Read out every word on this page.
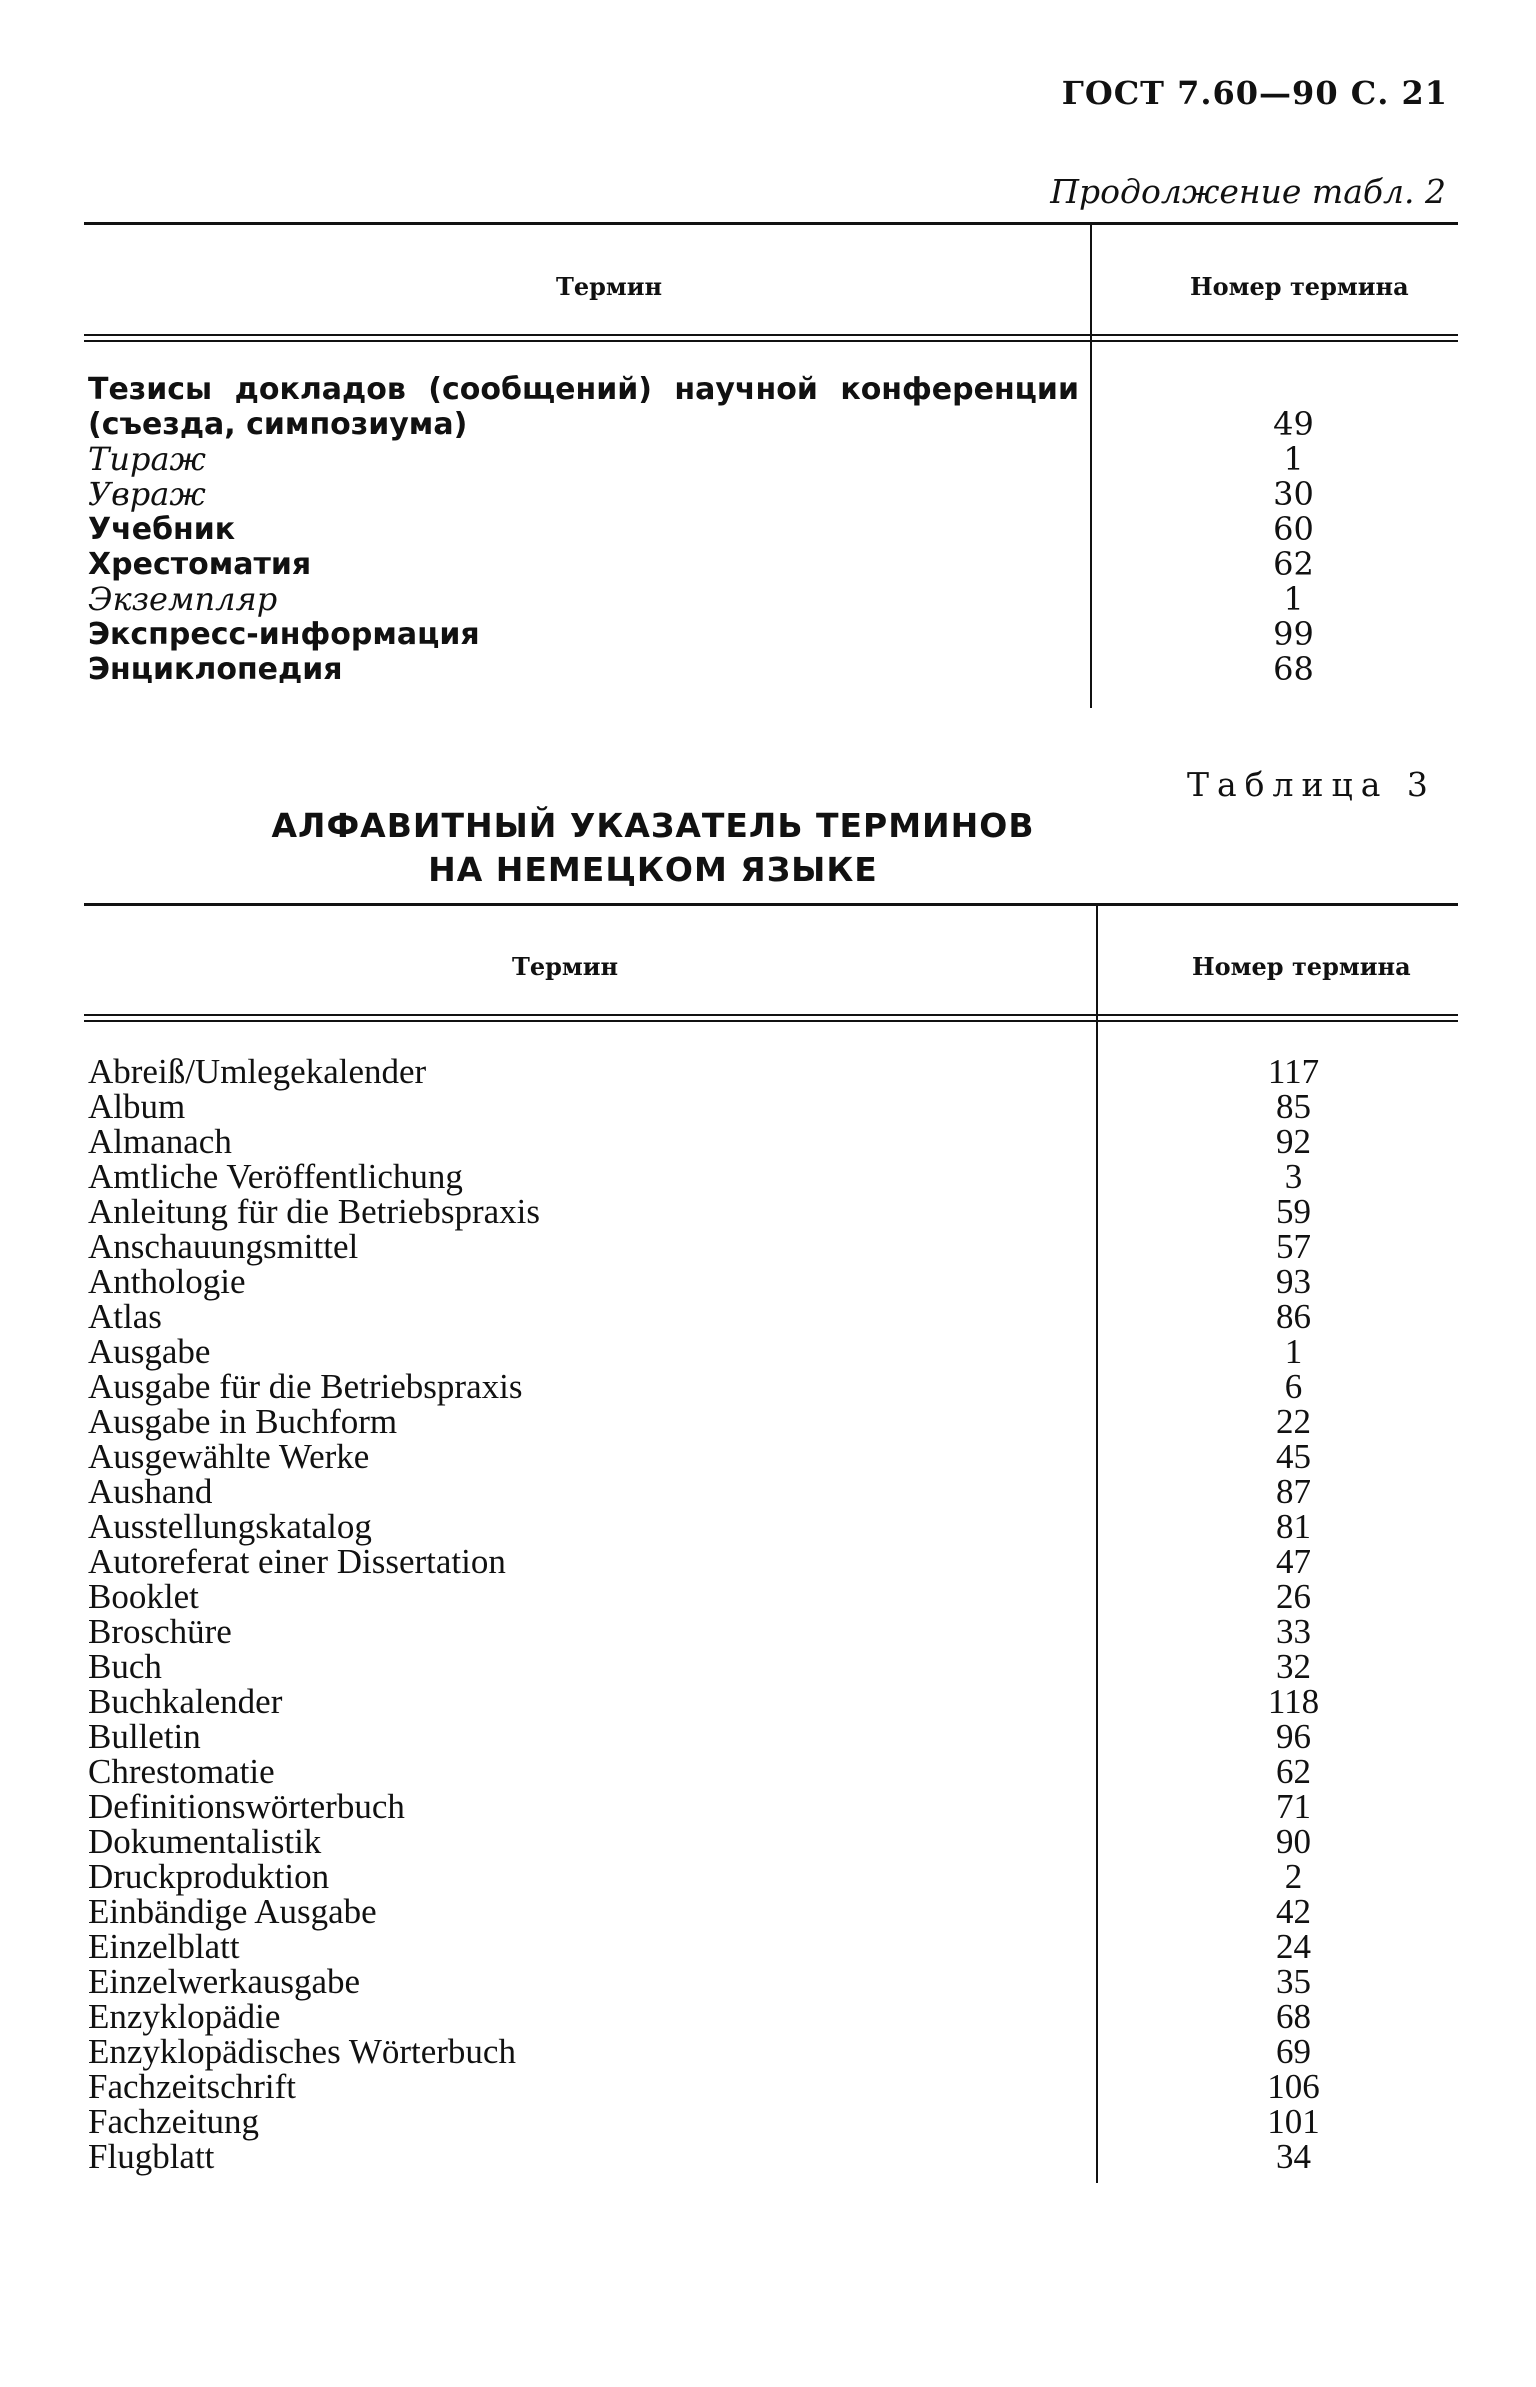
ГОСТ 7.60—90 С. 21
Продолжение табл. 2
Термин	Номер термина
Тезисы докладов (сообщений) научной конференции
(съезда, симпозиума)	49
Тираж	1
Увраж	30
Учебник	60
Хрестоматия	62
Экземпляр	1
Экспресс-информация	99
Энциклопедия	68
Таблица 3
АЛФАВИТНЫЙ УКАЗАТЕЛЬ ТЕРМИНОВ
НА НЕМЕЦКОМ ЯЗЫКЕ
Термин	Номер термина
Abreiß/Umlegekalender	117
Album	85
Almanach	92
Amtliche Veröffentlichung	3
Anleitung für die Betriebspraxis	59
Anschauungsmittel	57
Anthologie	93
Atlas	86
Ausgabe	1
Ausgabe für die Betriebspraxis	6
Ausgabe in Buchform	22
Ausgewählte Werke	45
Aushand	87
Ausstellungskatalog	81
Autoreferat einer Dissertation	47
Booklet	26
Broschüre	33
Buch	32
Buchkalender	118
Bulletin	96
Chrestomatie	62
Definitionswörterbuch	71
Dokumentalistik	90
Druckproduktion	2
Einbändige Ausgabe	42
Einzelblatt	24
Einzelwerkausgabe	35
Enzyklopädie	68
Enzyklopädisches Wörterbuch	69
Fachzeitschrift	106
Fachzeitung	101
Flugblatt	34
